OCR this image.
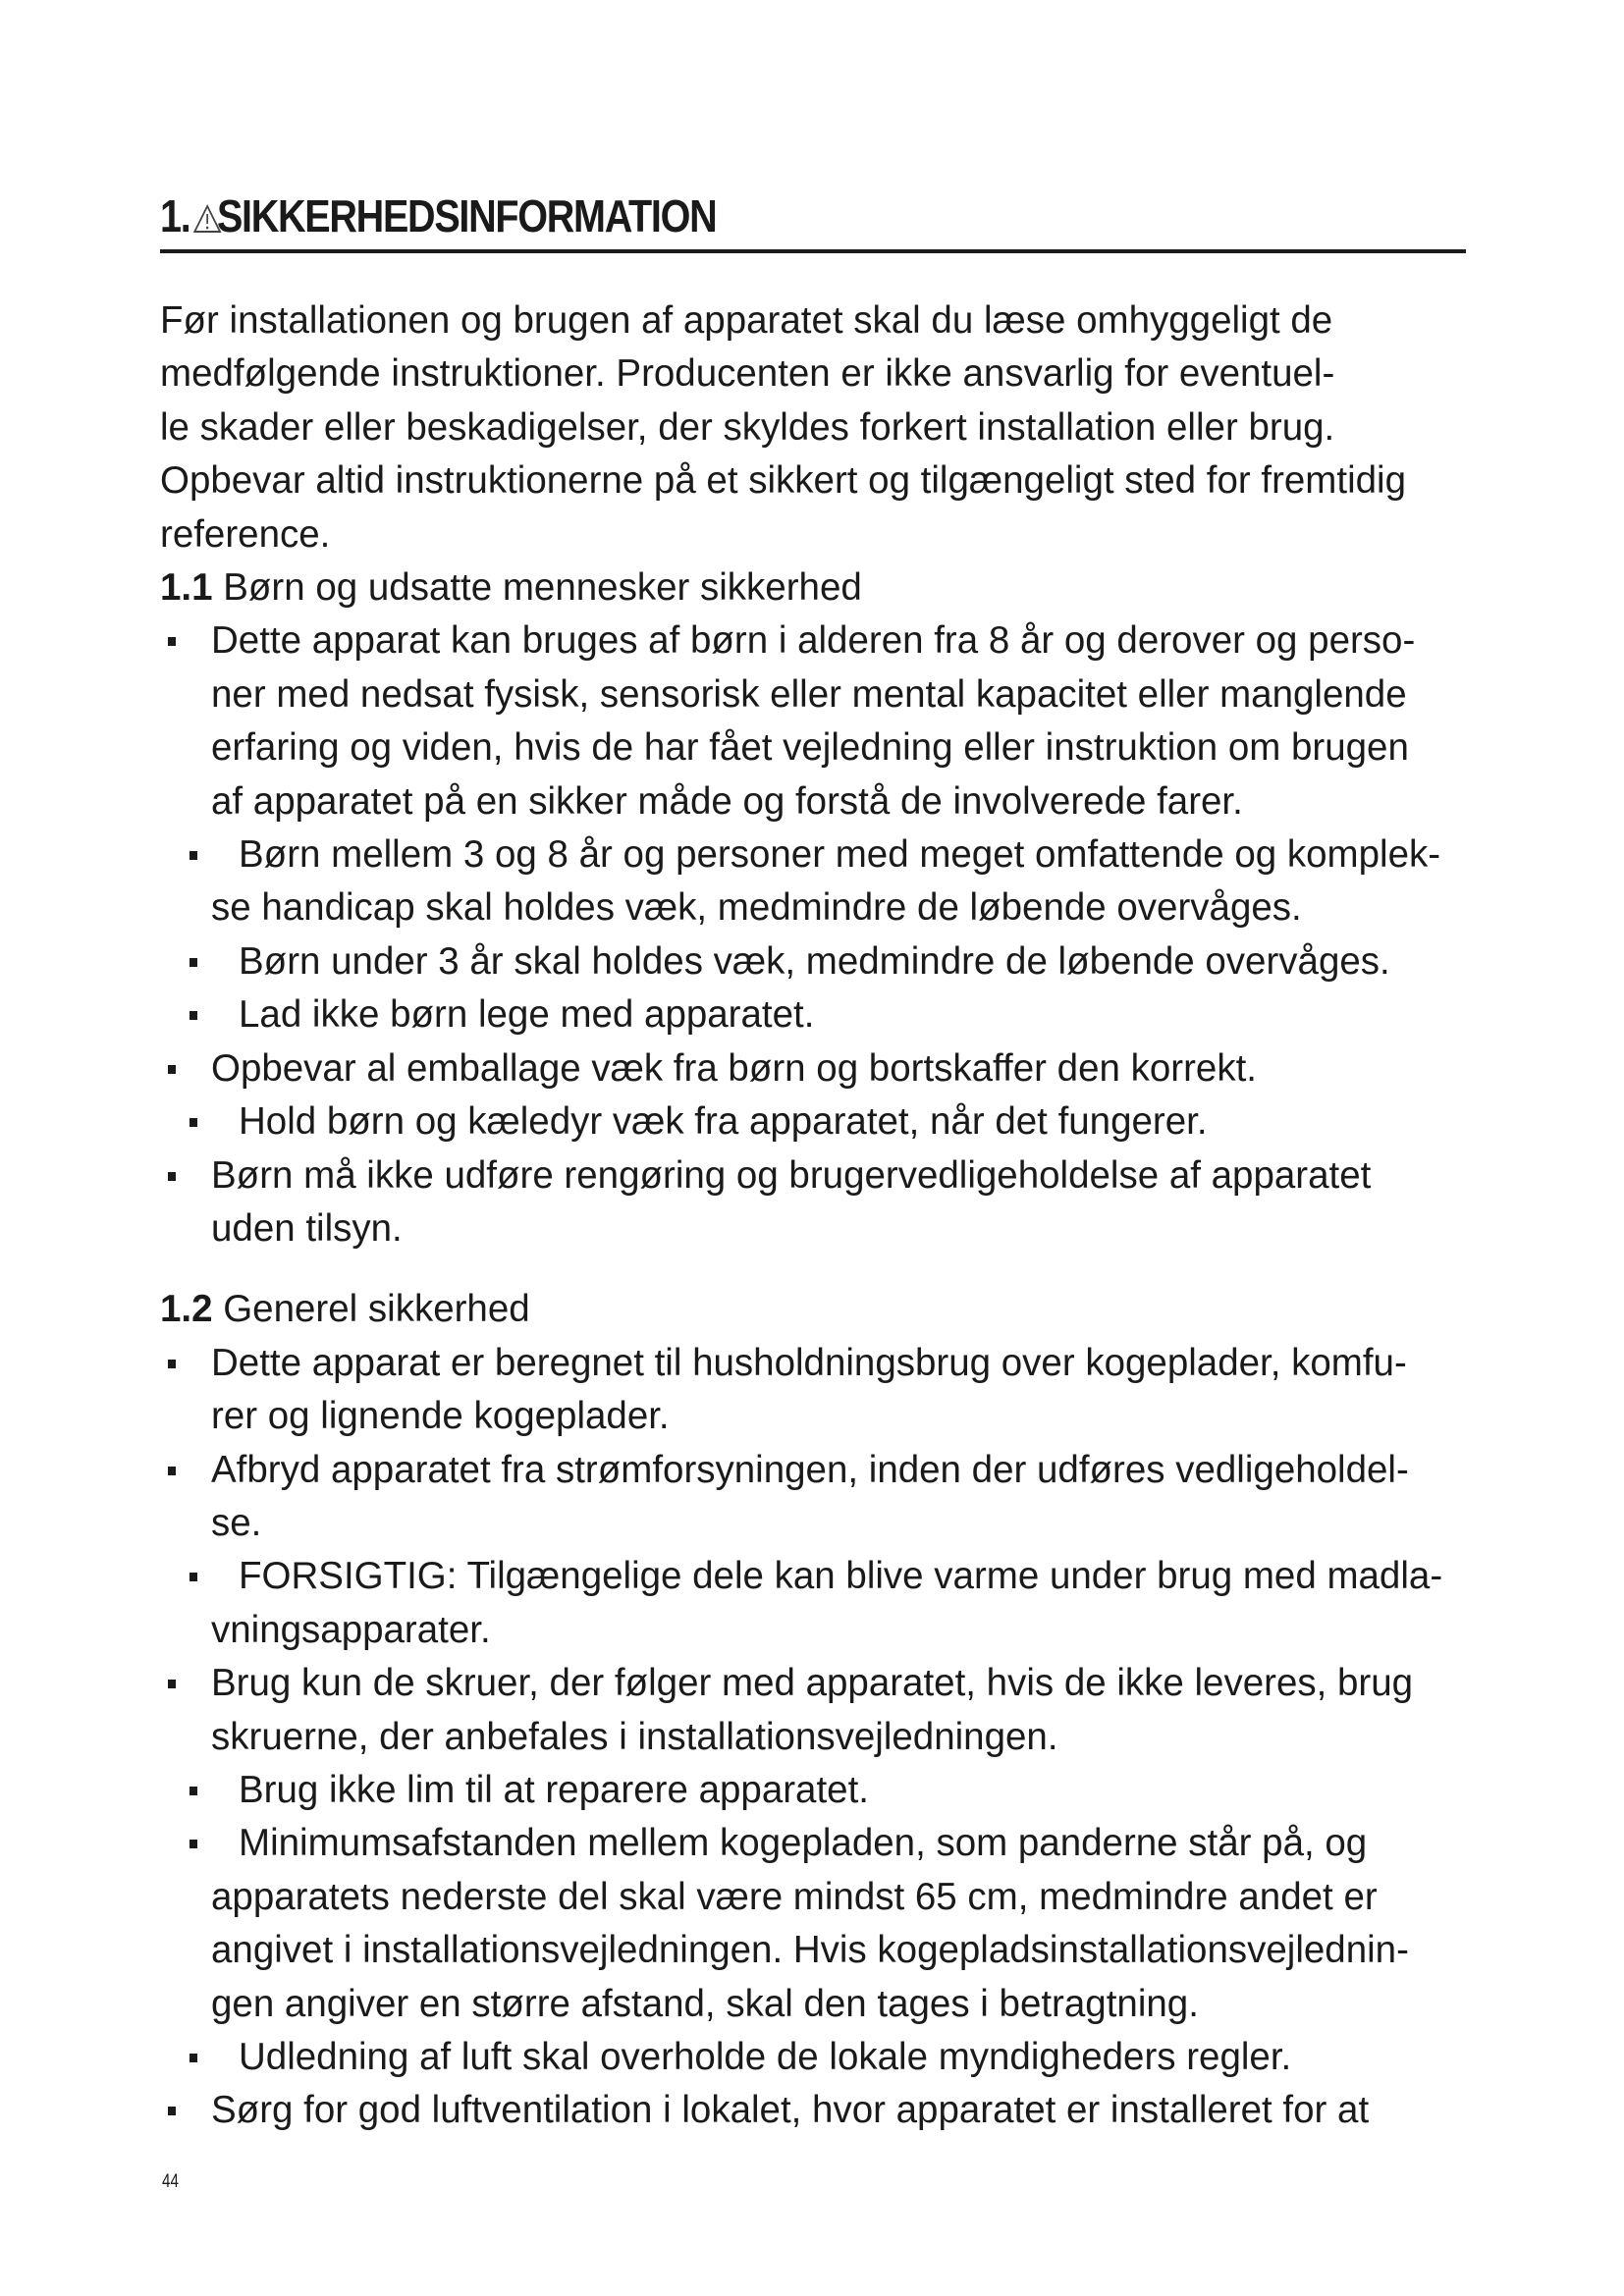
1.SIKKERHEDSINFORMATION
Før installationen og brugen af apparatet skal du læse omhyggeligt de
medfølgende instruktioner. Producenten er ikke ansvarlig for eventuel-
le skader eller beskadigelser, der skyldes forkert installation eller brug.
Opbevar altid instruktionerne på et sikkert og tilgængeligt sted for fremtidig
reference.
1.1 Børn og udsatte mennesker sikkerhed
Dette apparat kan bruges af børn i alderen fra 8 år og derover og perso-
ner med nedsat fysisk, sensorisk eller mental kapacitet eller manglende
erfaring og viden, hvis de har fået vejledning eller instruktion om brugen
af apparatet på en sikker måde og forstå de involverede farer.
Børn mellem 3 og 8 år og personer med meget omfattende og komplek-
se handicap skal holdes væk, medmindre de løbende overvåges.
Børn under 3 år skal holdes væk, medmindre de løbende overvåges.
Lad ikke børn lege med apparatet.
Opbevar al emballage væk fra børn og bortskaffer den korrekt.
Hold børn og kæledyr væk fra apparatet, når det fungerer.
Børn må ikke udføre rengøring og brugervedligeholdelse af apparatet
uden tilsyn.
1.2 Generel sikkerhed
Dette apparat er beregnet til husholdningsbrug over kogeplader, komfu-
rer og lignende kogeplader.
Afbryd apparatet fra strømforsyningen, inden der udføres vedligeholdel-
se.
FORSIGTIG: Tilgængelige dele kan blive varme under brug med madla-
vningsapparater.
Brug kun de skruer, der følger med apparatet, hvis de ikke leveres, brug
skruerne, der anbefales i installationsvejledningen.
Brug ikke lim til at reparere apparatet.
Minimumsafstanden mellem kogepladen, som panderne står på, og
apparatets nederste del skal være mindst 65 cm, medmindre andet er
angivet i installationsvejledningen. Hvis kogepladsinstallationsvejlednin-
gen angiver en større afstand, skal den tages i betragtning.
Udledning af luft skal overholde de lokale myndigheders regler.
Sørg for god luftventilation i lokalet, hvor apparatet er installeret for at
44
